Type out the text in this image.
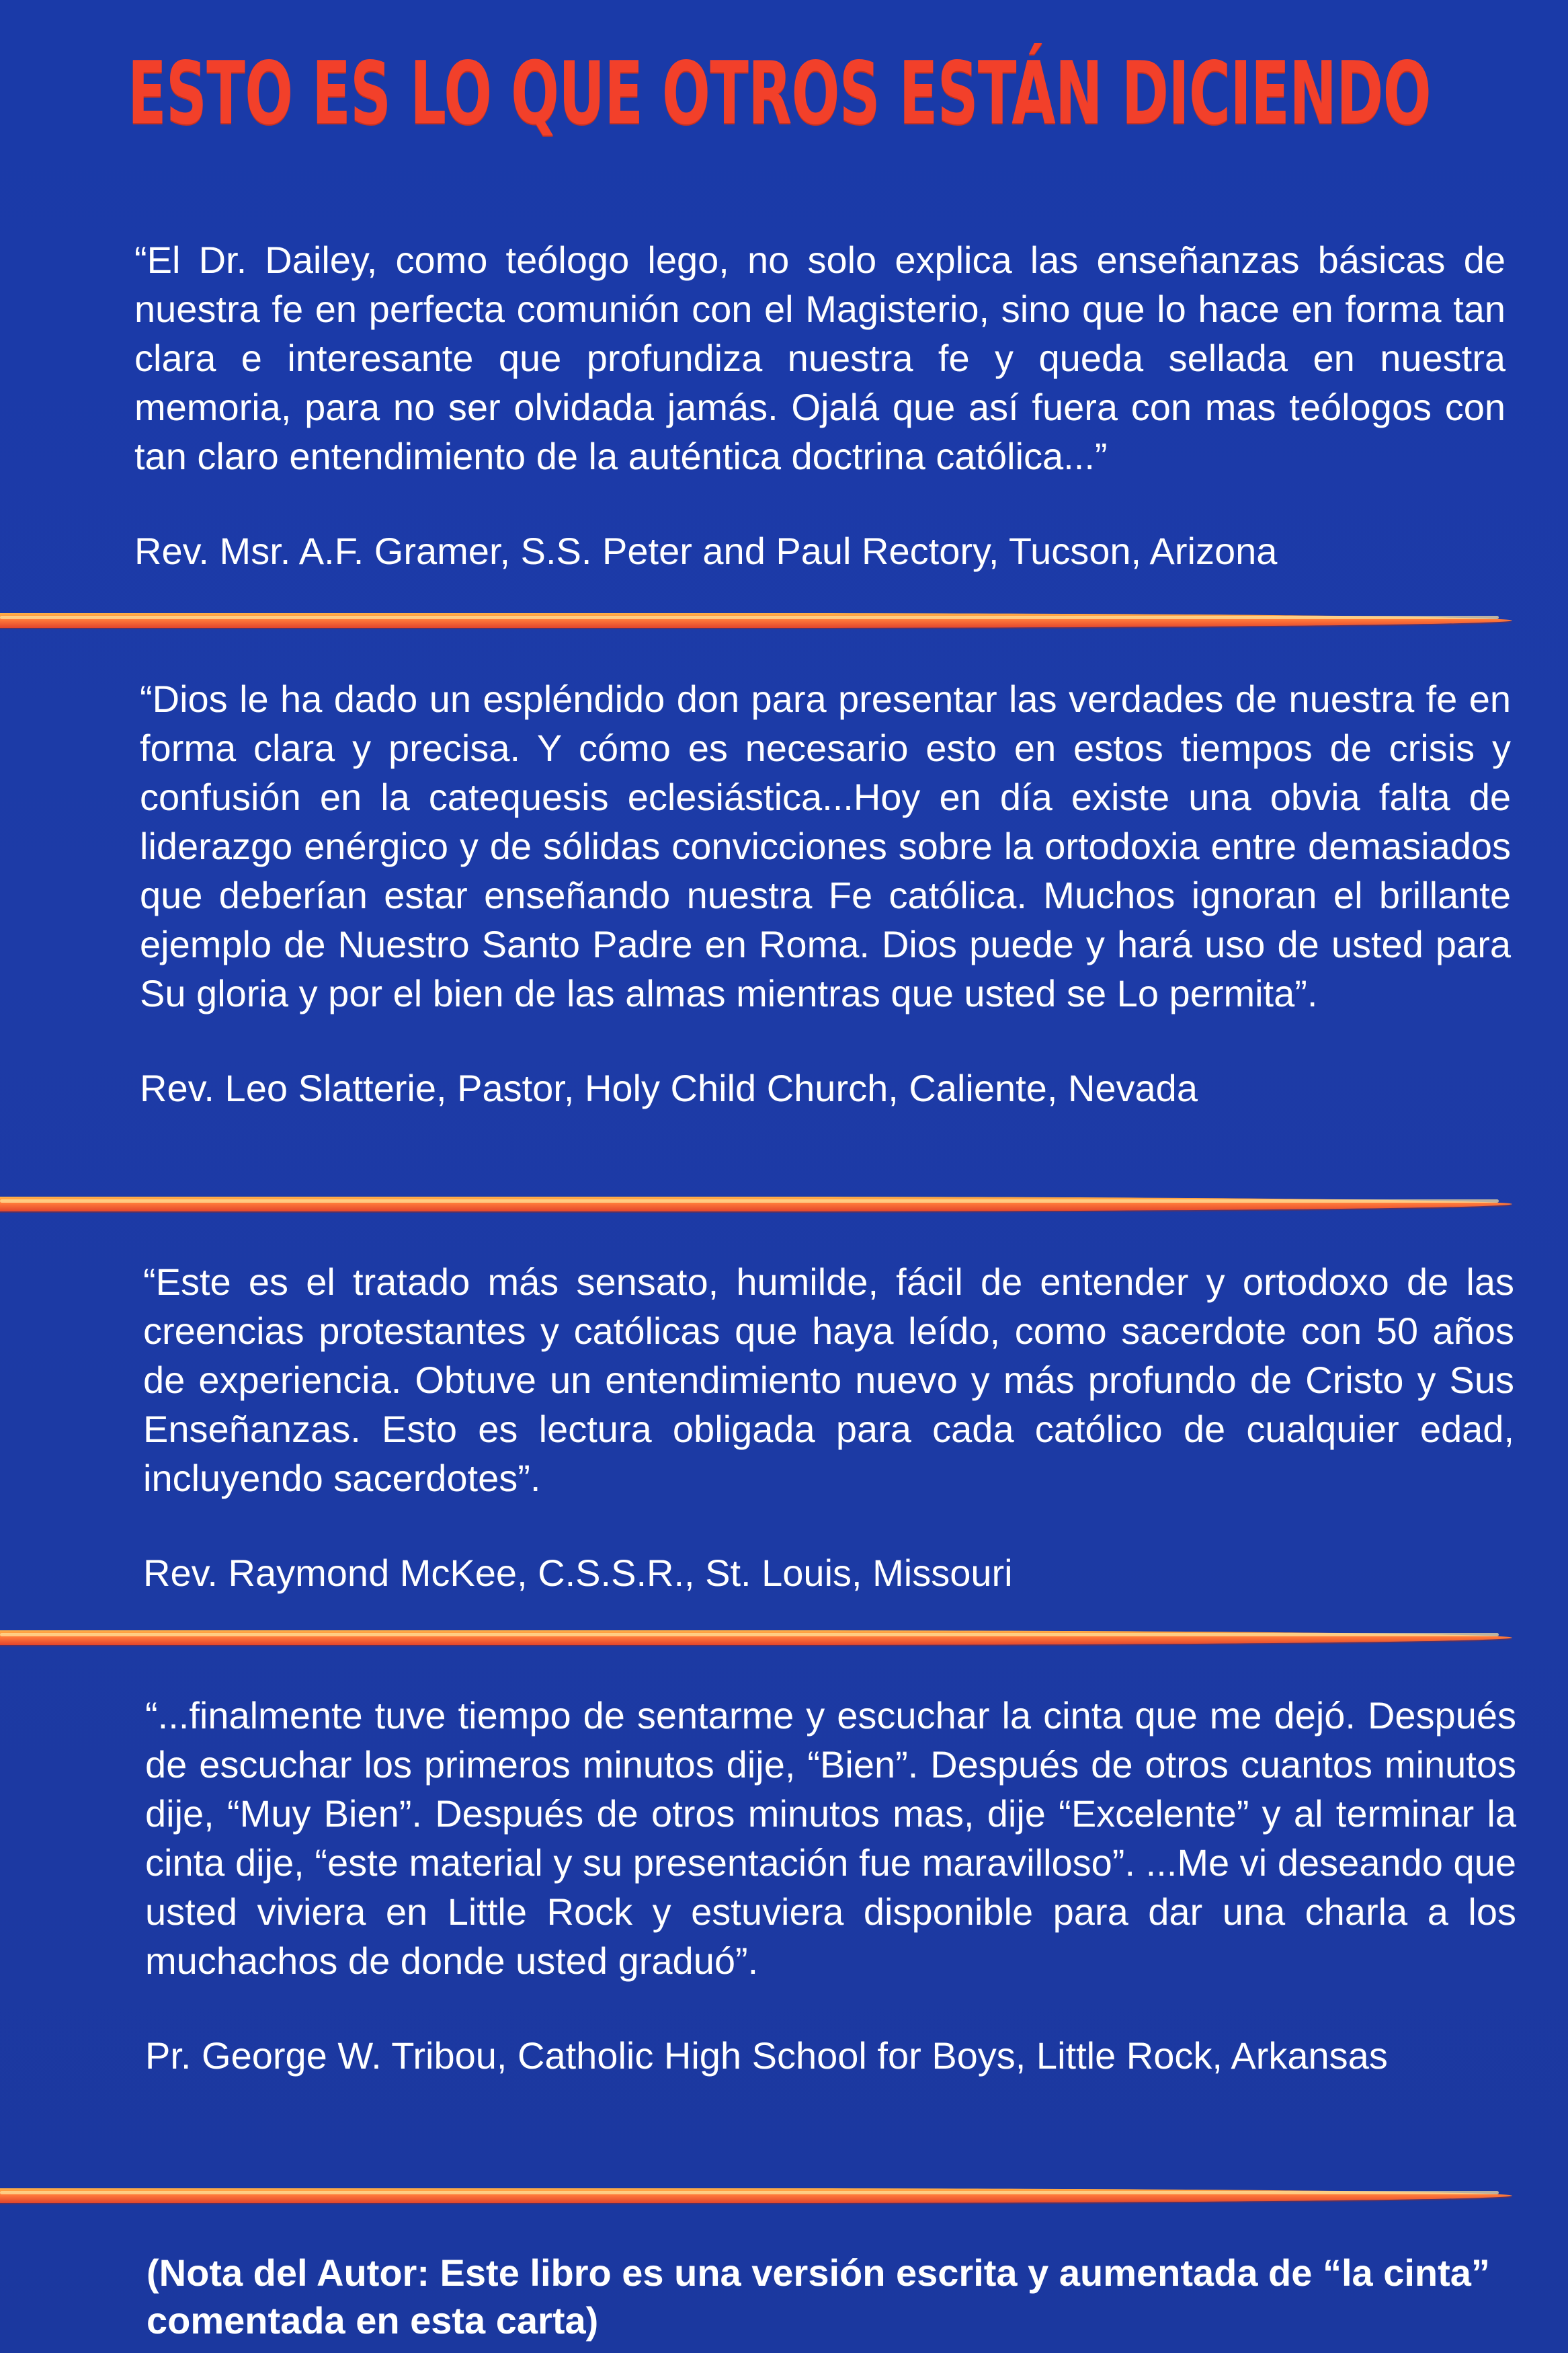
ESTO ES LO QUE OTROS ESTÁN DICIENDO

“El Dr. Dailey, como teólogo lego, no solo explica las enseñanzas básicas de nuestra fe en perfecta comunión con el Magisterio, sino que lo hace en forma tan clara e interesante que profundiza nuestra fe y queda sellada en nuestra memoria, para no ser olvidada jamás. Ojalá que así fuera con mas teólogos con tan claro entendimiento de la auténtica doctrina católica...”

Rev. Msr. A.F. Gramer, S.S. Peter and Paul Rectory, Tucson, Arizona

“Dios le ha dado un espléndido don para presentar las verdades de nuestra fe en forma clara y precisa. Y cómo es necesario esto en estos tiempos de crisis y confusión en la catequesis eclesiástica...Hoy en día existe una obvia falta de liderazgo enérgico y de sólidas convicciones sobre la ortodoxia entre demasiados que deberían estar enseñando nuestra Fe católica. Muchos ignoran el brillante ejemplo de Nuestro Santo Padre en Roma. Dios puede y hará uso de usted para Su gloria y por el bien de las almas mientras que usted se Lo permita”.

Rev. Leo Slatterie, Pastor, Holy Child Church, Caliente, Nevada

“Este es el tratado más sensato, humilde, fácil de entender y ortodoxo de las creencias protestantes y católicas que haya leído, como sacerdote con 50 años de experiencia. Obtuve un entendimiento nuevo y más profundo de Cristo y Sus Enseñanzas. Esto es lectura obligada para cada católico de cualquier edad, incluyendo sacerdotes”.

Rev. Raymond McKee, C.S.S.R., St. Louis, Missouri

“...finalmente tuve tiempo de sentarme y escuchar la cinta que me dejó. Después de escuchar los primeros minutos dije, “Bien”. Después de otros cuantos minutos dije, “Muy Bien”. Después de otros minutos mas, dije “Excelente” y al terminar la cinta dije, “este material y su presentación fue maravilloso”. ...Me vi deseando que usted viviera en Little Rock y estuviera disponible para dar una charla a los muchachos de donde usted graduó”.

Pr. George W. Tribou, Catholic High School for Boys, Little Rock, Arkansas

(Nota del Autor: Este libro es una versión escrita y aumentada de “la cinta” comentada en esta carta)
